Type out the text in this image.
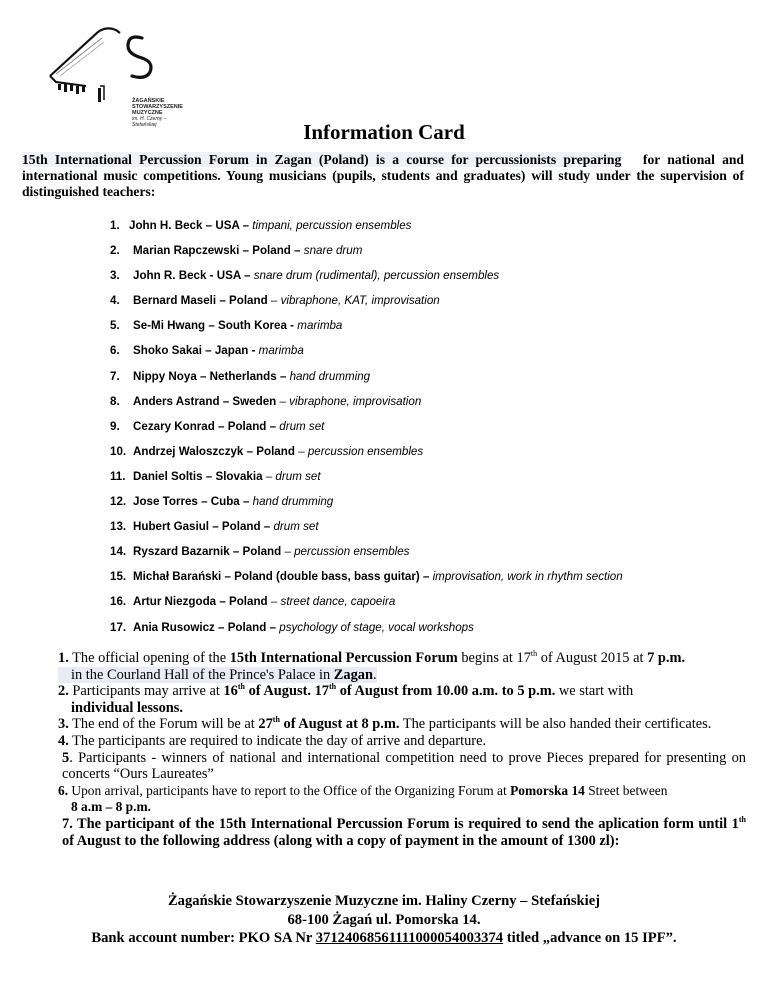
ŻAGAŃSKIE
STOWARZYSZENIE
MUZYCZNE
im. H. Czerny – Stefańskiej	Information Card
15th International Percussion Forum in Zagan (Poland) is a course for percussionists preparing for national and international music competitions. Young musicians (pupils, students and graduates) will study under the supervision of distinguished teachers:
1. John H. Beck – USA –
timpani, percussion ensembles
2.	Marian Rapczewski – Poland –
snare drum
3.	John R. Beck - USA –
snare drum (rudimental), percussion ensembles
4.	Bernard Maseli – Poland
– vibraphone, KAT, improvisation
5.	Se-Mi Hwang – South Korea -
marimba
6.	Shoko Sakai – Japan -
marimba
7.	Nippy Noya – Netherlands –
hand drumming
8.	Anders Astrand – Sweden
– vibraphone, improvisation
9.	Cezary Konrad – Poland –
drum set
10. Andrzej Waloszczyk – Poland
– percussion ensembles
11. Daniel Soltis – Slovakia
– drum set
12. Jose Torres – Cuba –
hand drumming
13. Hubert Gasiul – Poland –
drum set
14. Ryszard Bazarnik – Poland
– percussion ensembles
15. Michał Barański – Poland (double bass, bass guitar) –
improvisation, work in rhythm section
16. Artur Niezgoda – Poland
– street dance, capoeira
17. Ania Rusowicz – Poland –
psychology of stage, vocal workshops

1. The official opening of the 15th International Percussion Forum begins at 17th of August 2015 at 7 p.m.
in the Courland Hall of the Prince's Palace in Zagan.

2. Participants may arrive at 16th of August. 17th of August from 10.00 a.m. to 5 p.m. we start with
individual lessons.

3. The end of the Forum will be at 27th of August at 8 p.m. The participants will be also handed their certificates.

4. The participants are required to indicate the day of arrive and departure.

5. Participants - winners of national and international competition need to prove Pieces prepared for presenting on concerts “Ours Laureates”

6. Upon arrival, participants have to report to the Office of the Organizing Forum at Pomorska 14 Street between
8 a.m – 8 p.m.

7. The participant of the 15th International Percussion Forum is required to send the aplication form until 1th of August to the following address (along with a copy of payment in the amount of 1300 zl):

Żagańskie Stowarzyszenie Muzyczne im. Haliny Czerny – Stefańskiej
68-100 Żagań ul. Pomorska 14.
Bank account number: PKO SA Nr 37124068561111000054003374 titled „advance on 15 IPF”.
